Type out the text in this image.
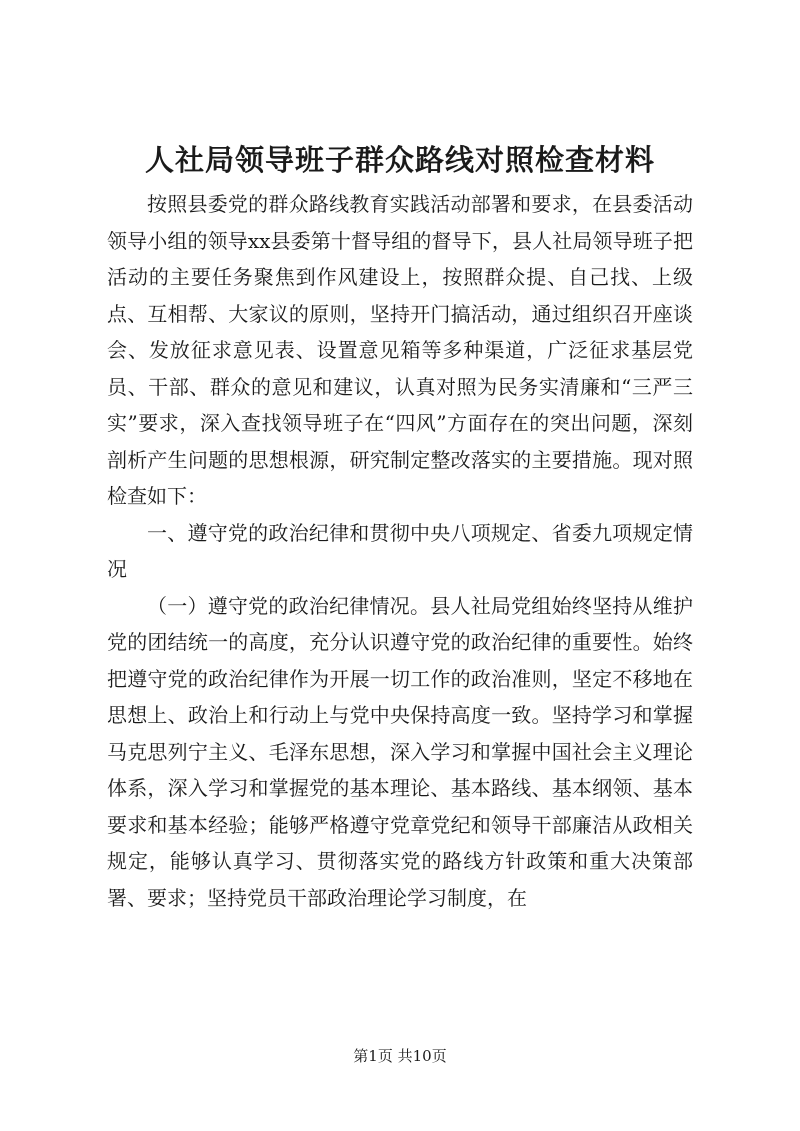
人社局领导班子群众路线对照检查材料

按照县委党的群众路线教育实践活动部署和要求，在县委活动领导小组的领导xx县委第十督导组的督导下，县人社局领导班子把活动的主要任务聚焦到作风建设上，按照群众提、自己找、上级点、互相帮、大家议的原则，坚持开门搞活动，通过组织召开座谈会、发放征求意见表、设置意见箱等多种渠道，广泛征求基层党员、干部、群众的意见和建议，认真对照为民务实清廉和“三严三实”要求，深入查找领导班子在“四风”方面存在的突出问题，深刻剖析产生问题的思想根源，研究制定整改落实的主要措施。现对照检查如下：

一、遵守党的政治纪律和贯彻中央八项规定、省委九项规定情况

（一）遵守党的政治纪律情况。县人社局党组始终坚持从维护党的团结统一的高度，充分认识遵守党的政治纪律的重要性。始终把遵守党的政治纪律作为开展一切工作的政治准则，坚定不移地在思想上、政治上和行动上与党中央保持高度一致。坚持学习和掌握马克思列宁主义、毛泽东思想，深入学习和掌握中国社会主义理论体系，深入学习和掌握党的基本理论、基本路线、基本纲领、基本要求和基本经验；能够严格遵守党章党纪和领导干部廉洁从政相关规定，能够认真学习、贯彻落实党的路线方针政策和重大决策部署、要求；坚持党员干部政治理论学习制度，在

第1页 共10页
